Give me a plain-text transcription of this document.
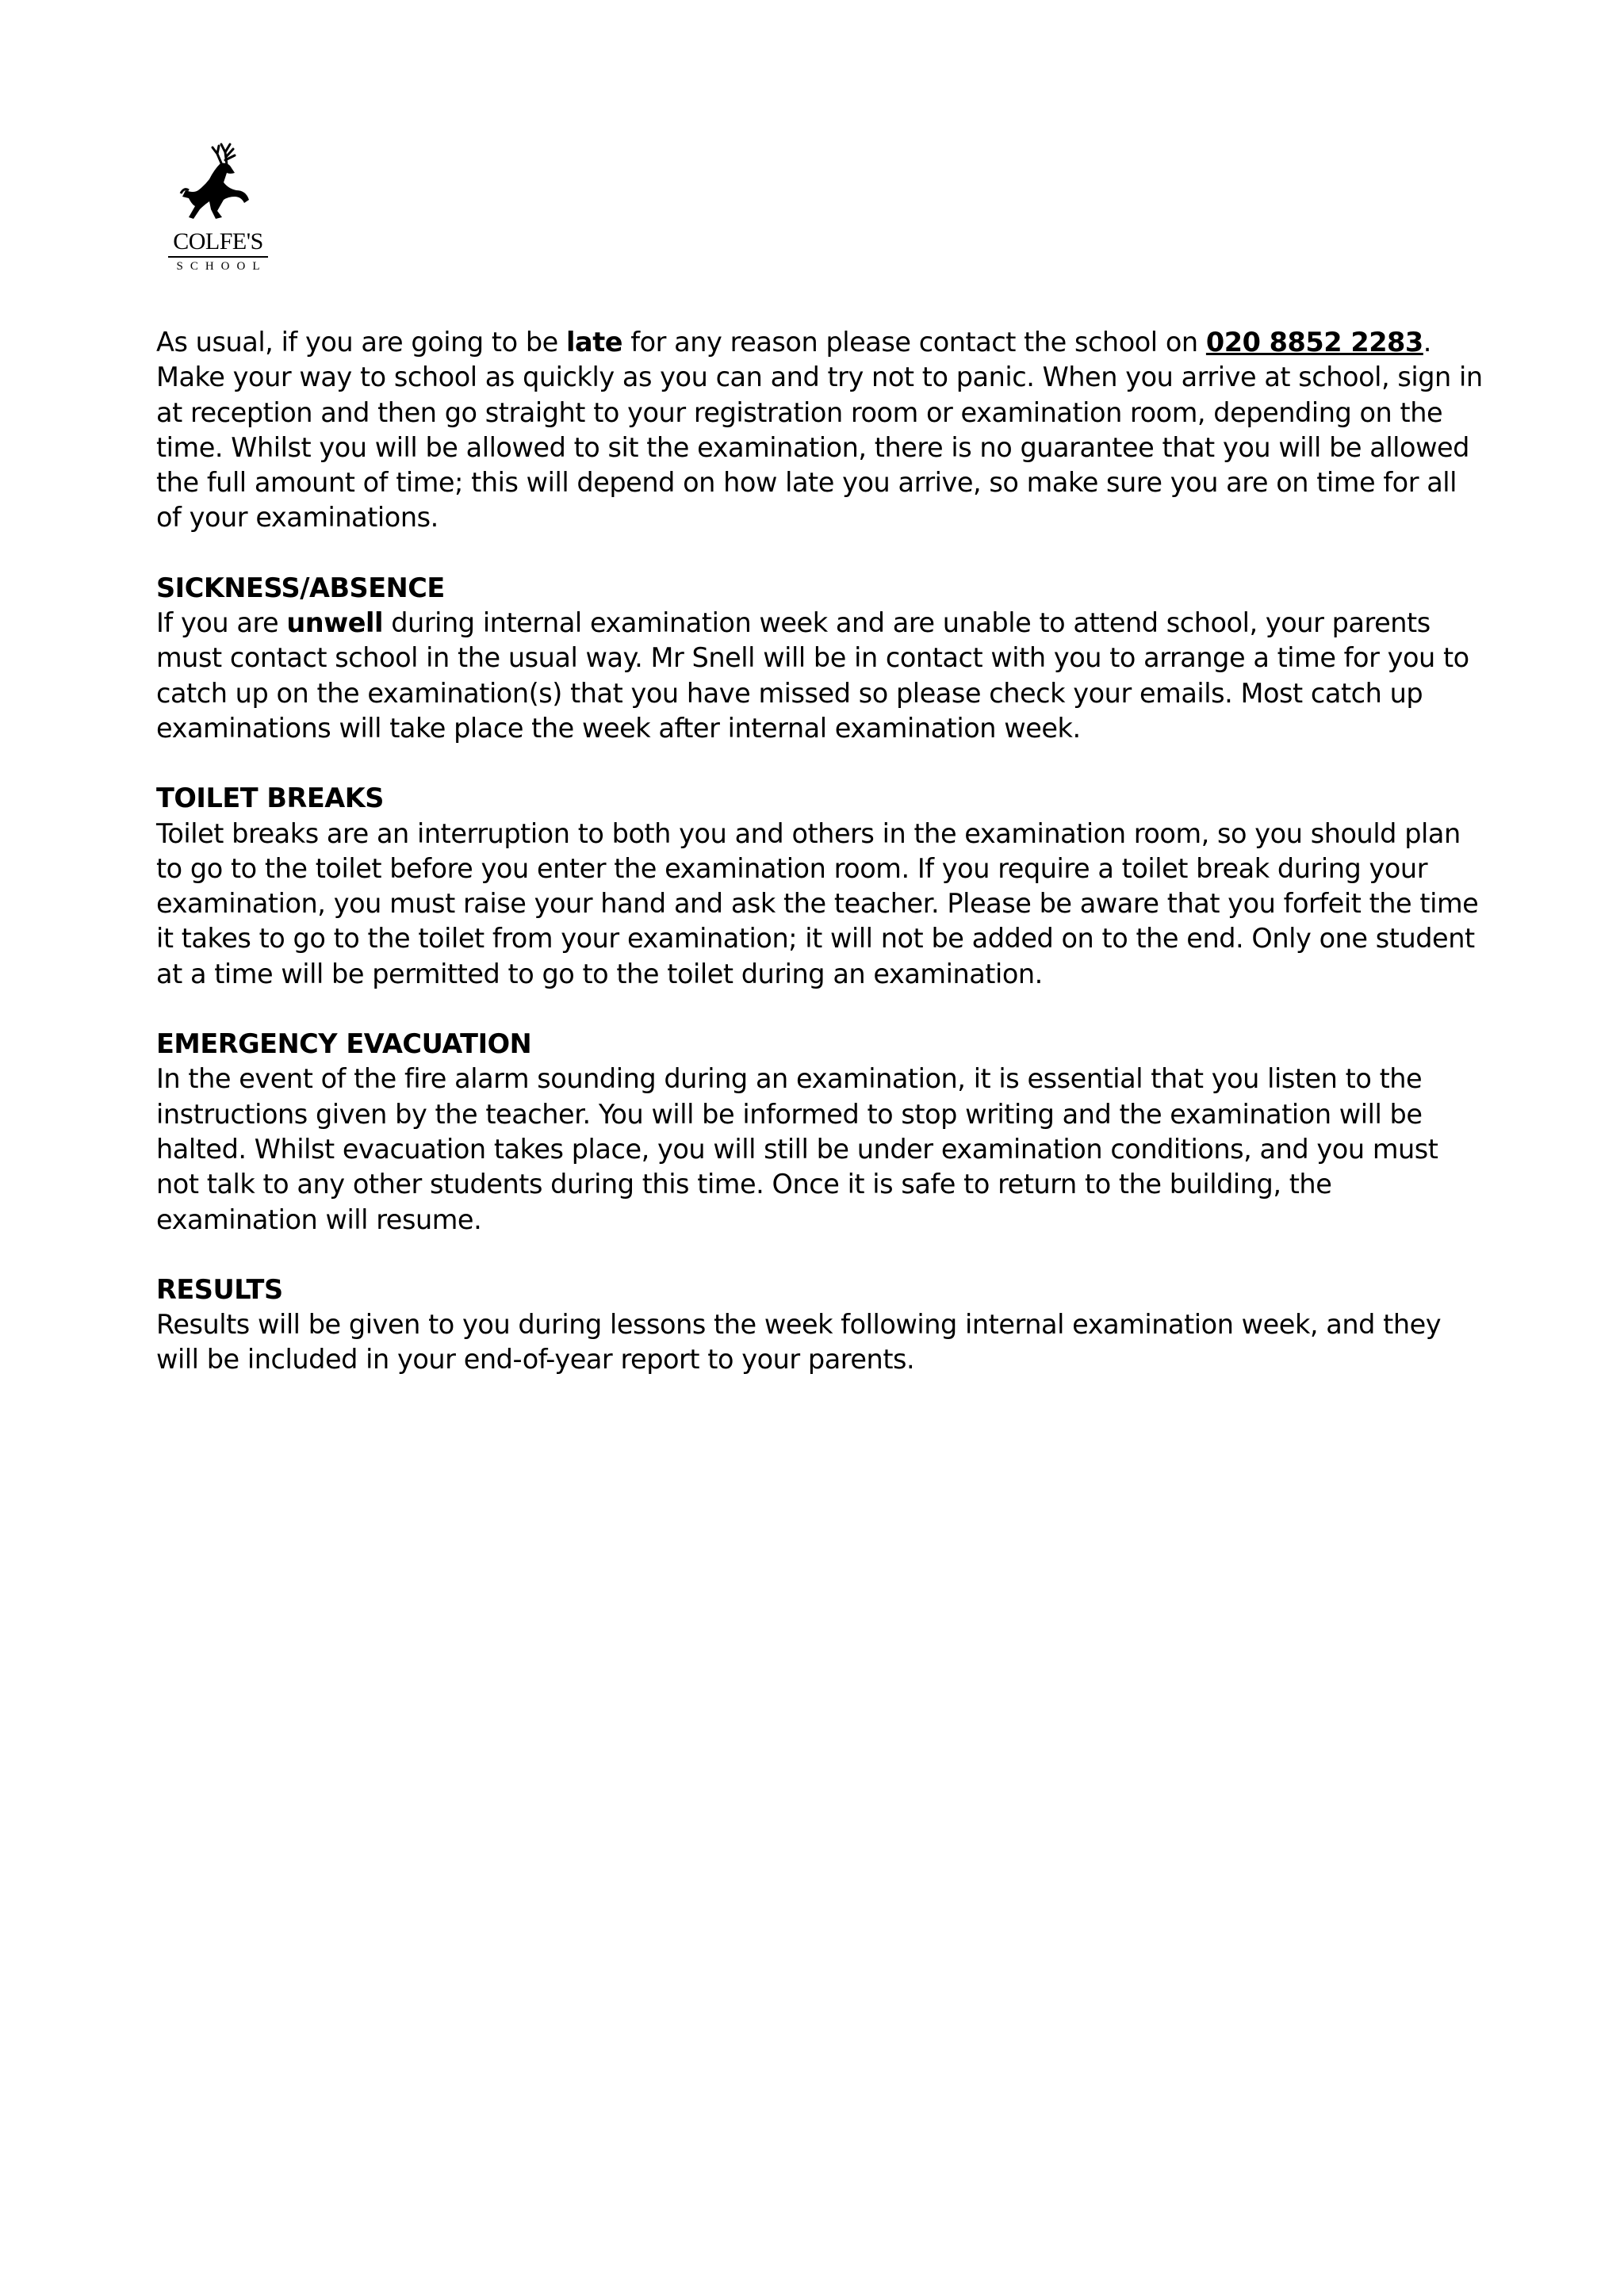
COLFE'S
SCHOOL

As usual, if you are going to be late for any reason please contact the school on 020 8852 2283. Make your way to school as quickly as you can and try not to panic. When you arrive at school, sign in at reception and then go straight to your registration room or examination room, depending on the time. Whilst you will be allowed to sit the examination, there is no guarantee that you will be allowed the full amount of time; this will depend on how late you arrive, so make sure you are on time for all of your examinations.

SICKNESS/ABSENCE

If you are unwell during internal examination week and are unable to attend school, your parents must contact school in the usual way. Mr Snell will be in contact with you to arrange a time for you to catch up on the examination(s) that you have missed so please check your emails. Most catch up examinations will take place the week after internal examination week.

TOILET BREAKS

Toilet breaks are an interruption to both you and others in the examination room, so you should plan to go to the toilet before you enter the examination room. If you require a toilet break during your examination, you must raise your hand and ask the teacher. Please be aware that you forfeit the time it takes to go to the toilet from your examination; it will not be added on to the end. Only one student at a time will be permitted to go to the toilet during an examination.

EMERGENCY EVACUATION

In the event of the fire alarm sounding during an examination, it is essential that you listen to the instructions given by the teacher. You will be informed to stop writing and the examination will be halted. Whilst evacuation takes place, you will still be under examination conditions, and you must not talk to any other students during this time. Once it is safe to return to the building, the examination will resume.

RESULTS

Results will be given to you during lessons the week following internal examination week, and they will be included in your end-of-year report to your parents.
